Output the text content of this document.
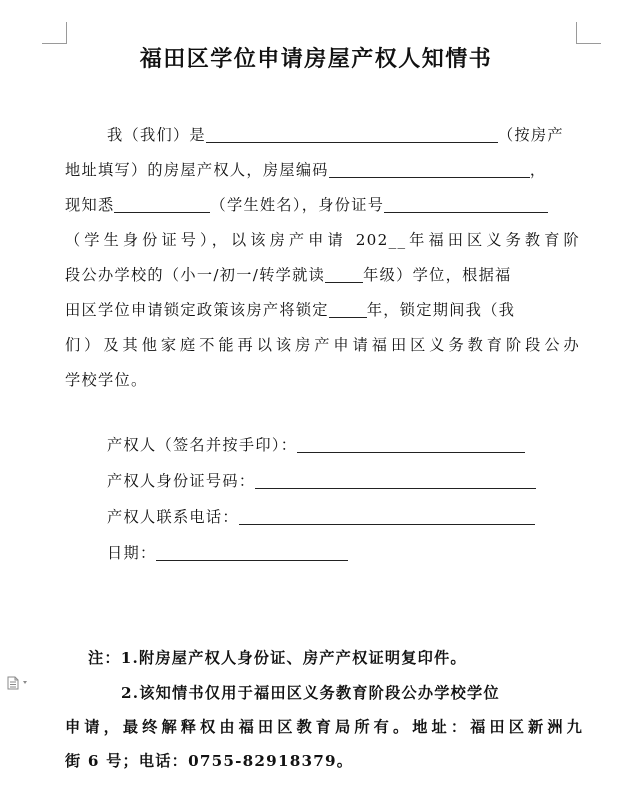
福田区学位申请房屋产权人知情书
我（我们）是	（按房产
地址填写）的房屋产权人，房屋编码	，
现知悉	（学生姓名），身份证号
（学生身份证号），以该房产申请 202__年福田区义务教育阶
段公办学校的（小一/初一/转学就读	年级）学位，根据福
田区学位申请锁定政策该房产将锁定	年，锁定期间我（我
们）及其他家庭不能再以该房产申请福田区义务教育阶段公办
学校学位。
产权人（签名并按手印）：
产权人身份证号码：
产权人联系电话：
日期：
注：1.附房屋产权人身份证、房产产权证明复印件。
2.该知情书仅用于福田区义务教育阶段公办学校学位
申请，最终解释权由福田区教育局所有。地址：福田区新洲九
街 6 号；电话：0755-82918379。
